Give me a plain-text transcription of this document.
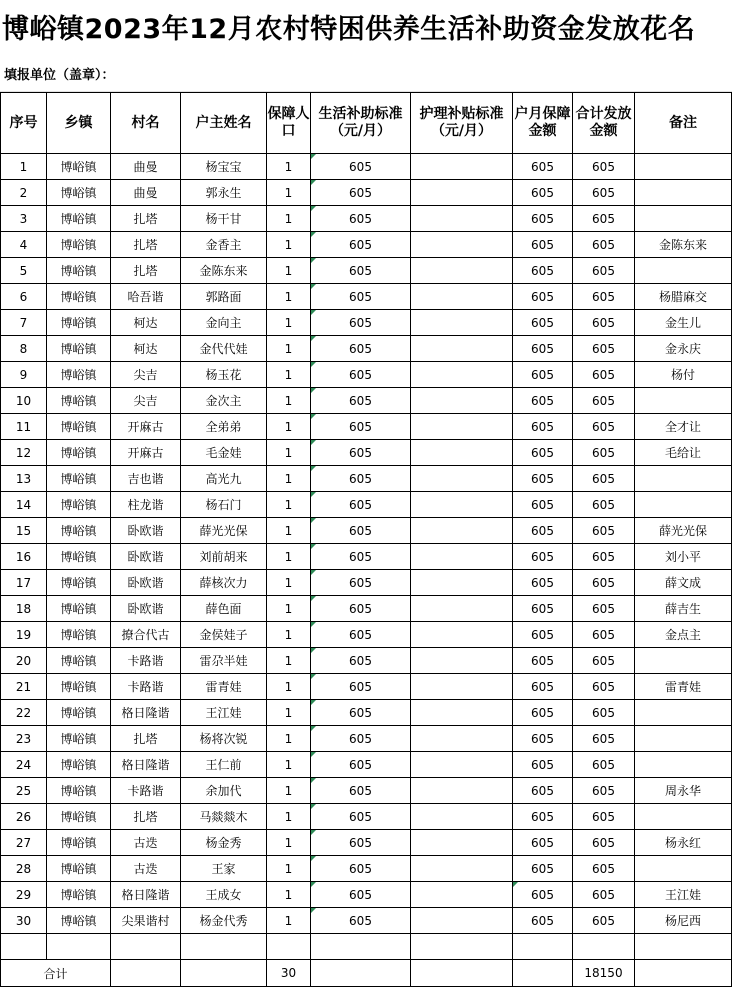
博峪镇2023年12月农村特困供养生活补助资金发放花名
填报单位（盖章）：
序号	乡镇	村名	户主姓名	保障人口	生活补助标准（元/月）	护理补贴标准（元/月）	户月保障金额	合计发放金额	备注
1	博峪镇	曲曼	杨宝宝	1	605		605	605	
2	博峪镇	曲曼	郭永生	1	605		605	605	
3	博峪镇	扎塔	杨干甘	1	605		605	605	
4	博峪镇	扎塔	金香主	1	605		605	605	金陈东来
5	博峪镇	扎塔	金陈东来	1	605		605	605	
6	博峪镇	哈吾谐	郭路面	1	605		605	605	杨腊麻交
7	博峪镇	柯达	金向主	1	605		605	605	金生儿
8	博峪镇	柯达	金代代娃	1	605		605	605	金永庆
9	博峪镇	尖吉	杨玉花	1	605		605	605	杨付
10	博峪镇	尖吉	金次主	1	605		605	605	
11	博峪镇	开麻古	全弟弟	1	605		605	605	全才让
12	博峪镇	开麻古	毛金娃	1	605		605	605	毛给让
13	博峪镇	吉也谐	高光九	1	605		605	605	
14	博峪镇	柱龙谐	杨石门	1	605		605	605	
15	博峪镇	卧欧谐	薛光光保	1	605		605	605	薛光光保
16	博峪镇	卧欧谐	刘前胡来	1	605		605	605	刘小平
17	博峪镇	卧欧谐	薛核次力	1	605		605	605	薛文成
18	博峪镇	卧欧谐	薛色面	1	605		605	605	薛吉生
19	博峪镇	撩合代古	金侯娃子	1	605		605	605	金点主
20	博峪镇	卡路谐	雷尕半娃	1	605		605	605	
21	博峪镇	卡路谐	雷青娃	1	605		605	605	雷青娃
22	博峪镇	格日隆谐	王江娃	1	605		605	605	
23	博峪镇	扎塔	杨将次锐	1	605		605	605	
24	博峪镇	格日隆谐	王仁前	1	605		605	605	
25	博峪镇	卡路谐	余加代	1	605		605	605	周永华
26	博峪镇	扎塔	马燚燚木	1	605		605	605	
27	博峪镇	古迭	杨金秀	1	605		605	605	杨永红
28	博峪镇	古迭	王家	1	605		605	605	
29	博峪镇	格日隆谐	王成女	1	605		605	605	王江娃
30	博峪镇	尖果谐村	杨金代秀	1	605		605	605	杨尼西

合计				30				18150	
